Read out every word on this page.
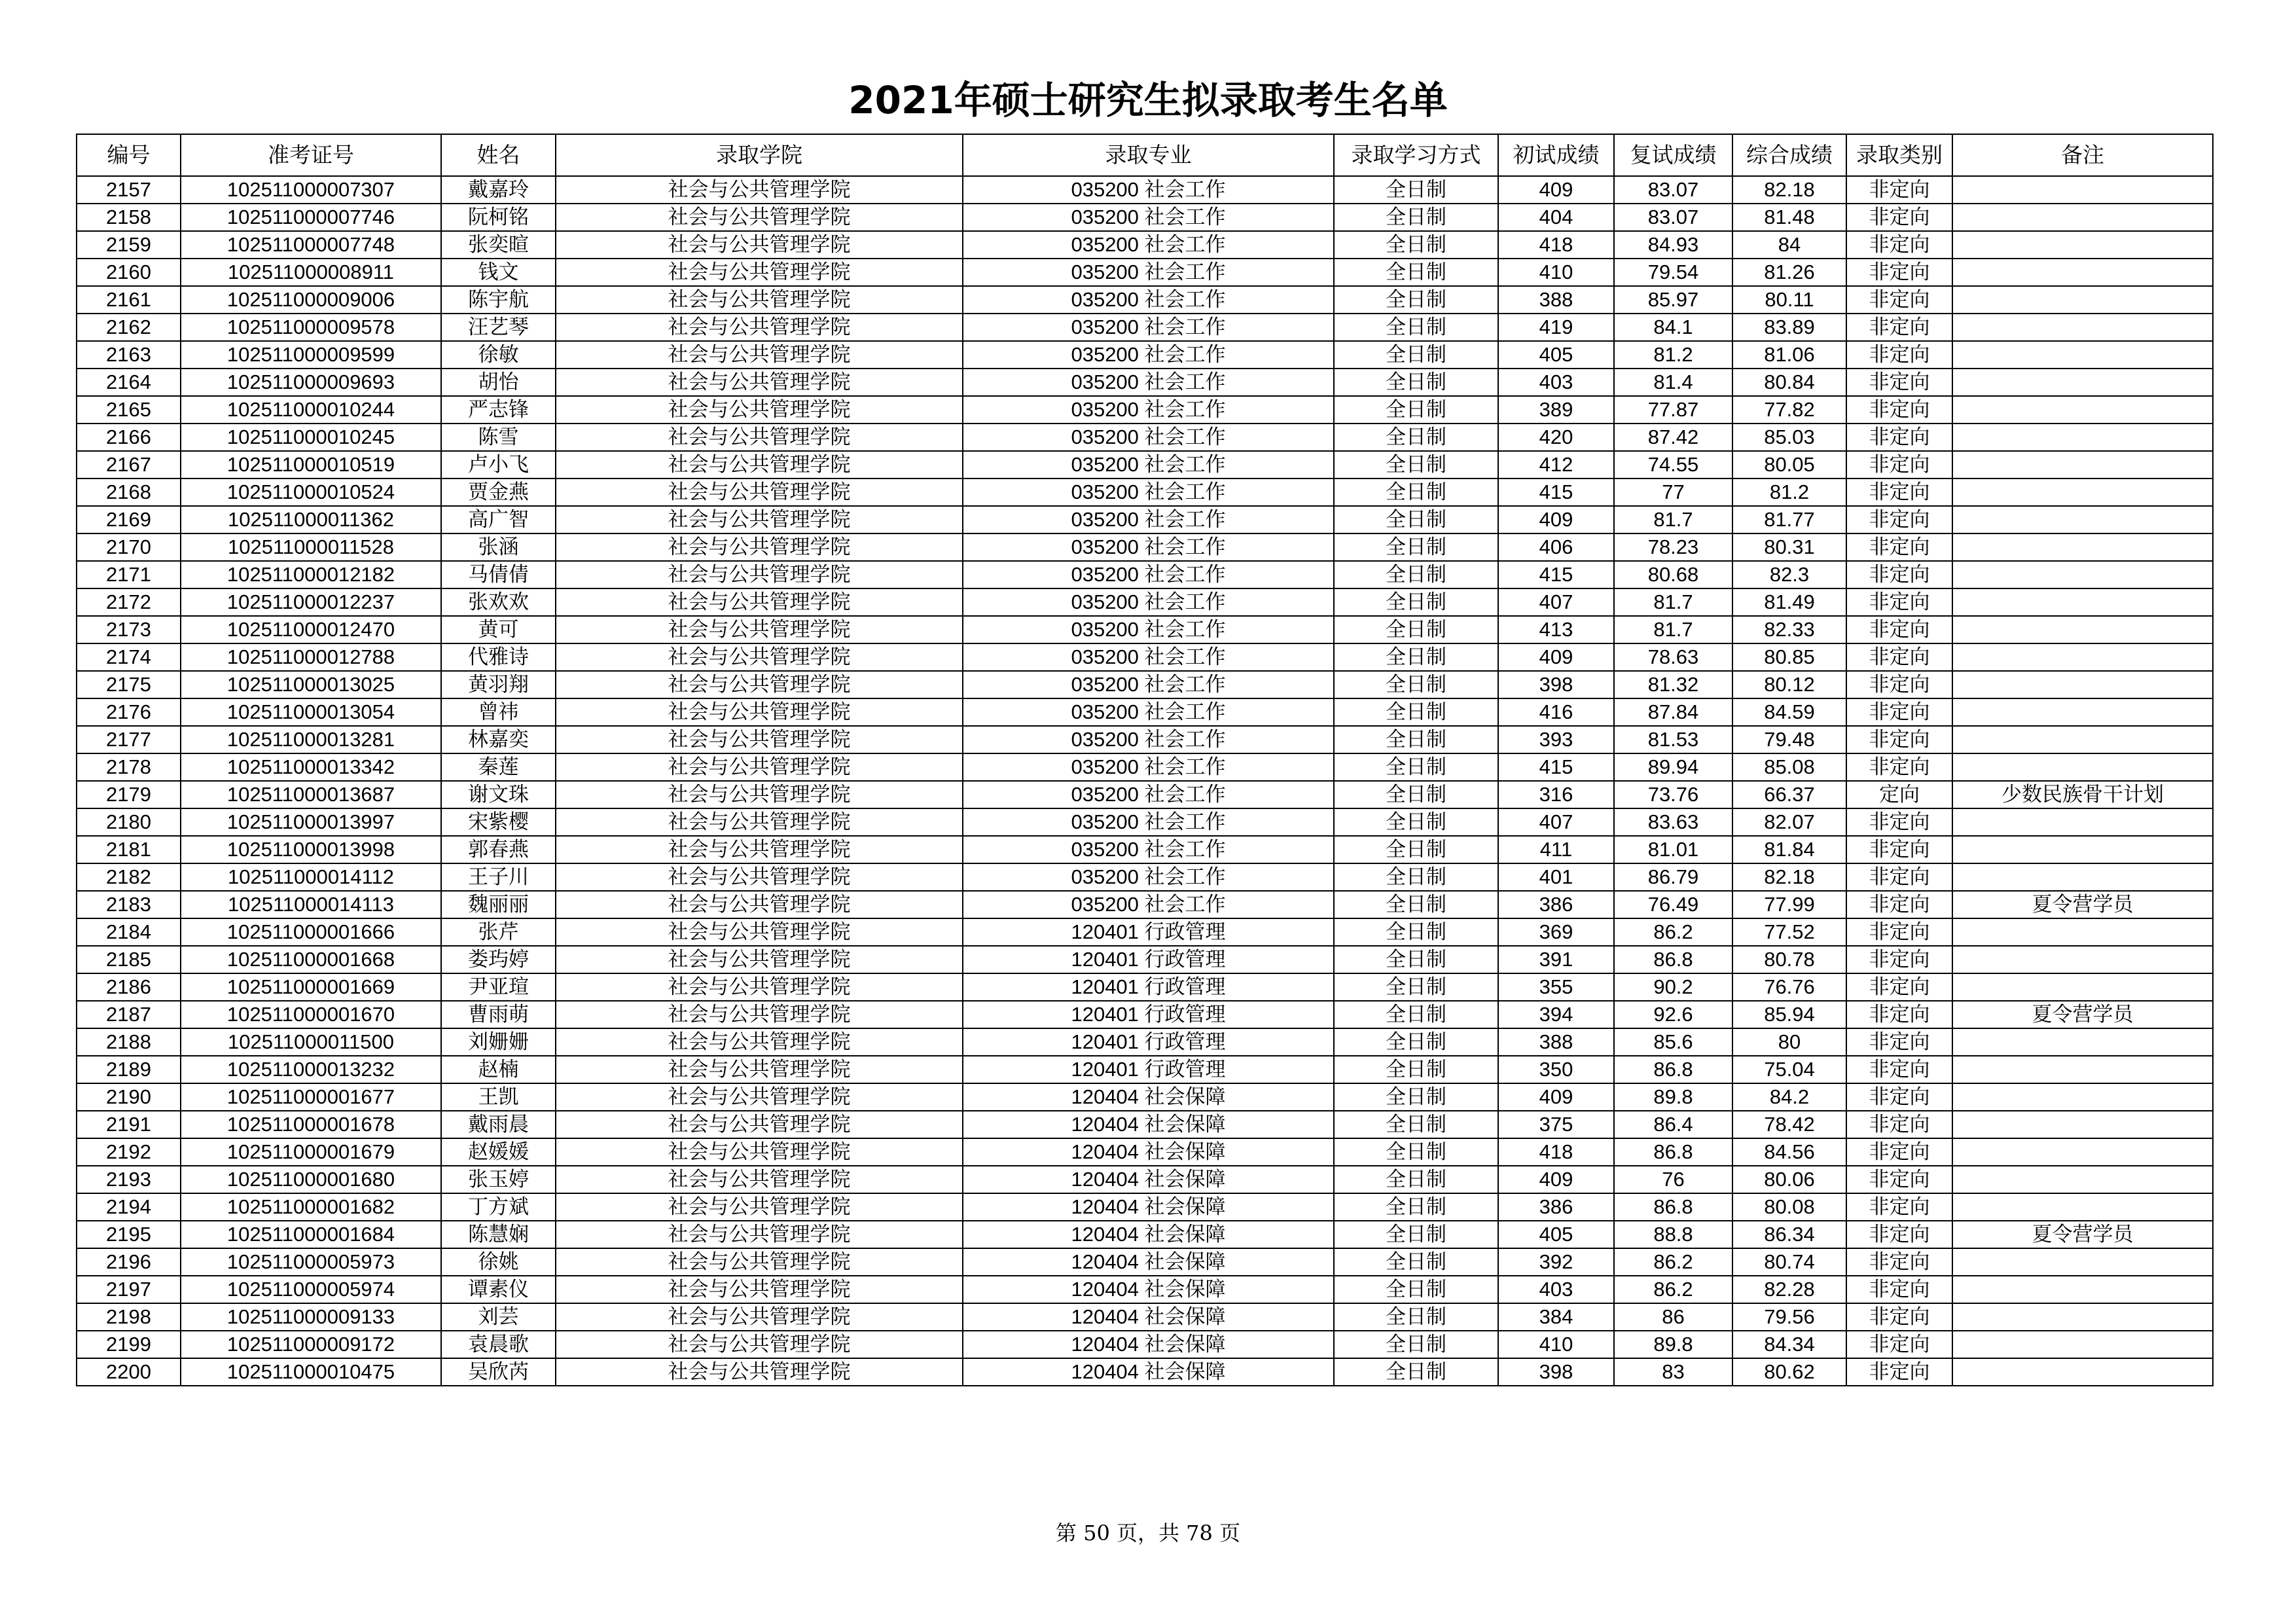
2021年硕士研究生拟录取考生名单
编号	准考证号	姓名	录取学院	录取专业	录取学习方式	初试成绩	复试成绩	综合成绩	录取类别	备注
2157	102511000007307	戴嘉玲	社会与公共管理学院	035200 社会工作	全日制	409	83.07	82.18	非定向	
2158	102511000007746	阮柯铭	社会与公共管理学院	035200 社会工作	全日制	404	83.07	81.48	非定向	
2159	102511000007748	张奕暄	社会与公共管理学院	035200 社会工作	全日制	418	84.93	84	非定向	
2160	102511000008911	钱文	社会与公共管理学院	035200 社会工作	全日制	410	79.54	81.26	非定向	
2161	102511000009006	陈宇航	社会与公共管理学院	035200 社会工作	全日制	388	85.97	80.11	非定向	
2162	102511000009578	汪艺琴	社会与公共管理学院	035200 社会工作	全日制	419	84.1	83.89	非定向	
2163	102511000009599	徐敏	社会与公共管理学院	035200 社会工作	全日制	405	81.2	81.06	非定向	
2164	102511000009693	胡怡	社会与公共管理学院	035200 社会工作	全日制	403	81.4	80.84	非定向	
2165	102511000010244	严志锋	社会与公共管理学院	035200 社会工作	全日制	389	77.87	77.82	非定向	
2166	102511000010245	陈雪	社会与公共管理学院	035200 社会工作	全日制	420	87.42	85.03	非定向	
2167	102511000010519	卢小飞	社会与公共管理学院	035200 社会工作	全日制	412	74.55	80.05	非定向	
2168	102511000010524	贾金燕	社会与公共管理学院	035200 社会工作	全日制	415	77	81.2	非定向	
2169	102511000011362	高广智	社会与公共管理学院	035200 社会工作	全日制	409	81.7	81.77	非定向	
2170	102511000011528	张涵	社会与公共管理学院	035200 社会工作	全日制	406	78.23	80.31	非定向	
2171	102511000012182	马倩倩	社会与公共管理学院	035200 社会工作	全日制	415	80.68	82.3	非定向	
2172	102511000012237	张欢欢	社会与公共管理学院	035200 社会工作	全日制	407	81.7	81.49	非定向	
2173	102511000012470	黄可	社会与公共管理学院	035200 社会工作	全日制	413	81.7	82.33	非定向	
2174	102511000012788	代雅诗	社会与公共管理学院	035200 社会工作	全日制	409	78.63	80.85	非定向	
2175	102511000013025	黄羽翔	社会与公共管理学院	035200 社会工作	全日制	398	81.32	80.12	非定向	
2176	102511000013054	曾祎	社会与公共管理学院	035200 社会工作	全日制	416	87.84	84.59	非定向	
2177	102511000013281	林嘉奕	社会与公共管理学院	035200 社会工作	全日制	393	81.53	79.48	非定向	
2178	102511000013342	秦莲	社会与公共管理学院	035200 社会工作	全日制	415	89.94	85.08	非定向	
2179	102511000013687	谢文珠	社会与公共管理学院	035200 社会工作	全日制	316	73.76	66.37	定向	少数民族骨干计划
2180	102511000013997	宋紫樱	社会与公共管理学院	035200 社会工作	全日制	407	83.63	82.07	非定向	
2181	102511000013998	郭春燕	社会与公共管理学院	035200 社会工作	全日制	411	81.01	81.84	非定向	
2182	102511000014112	王子川	社会与公共管理学院	035200 社会工作	全日制	401	86.79	82.18	非定向	
2183	102511000014113	魏丽丽	社会与公共管理学院	035200 社会工作	全日制	386	76.49	77.99	非定向	夏令营学员
2184	102511000001666	张芹	社会与公共管理学院	120401 行政管理	全日制	369	86.2	77.52	非定向	
2185	102511000001668	娄玙婷	社会与公共管理学院	120401 行政管理	全日制	391	86.8	80.78	非定向	
2186	102511000001669	尹亚瑄	社会与公共管理学院	120401 行政管理	全日制	355	90.2	76.76	非定向	
2187	102511000001670	曹雨萌	社会与公共管理学院	120401 行政管理	全日制	394	92.6	85.94	非定向	夏令营学员
2188	102511000011500	刘姗姗	社会与公共管理学院	120401 行政管理	全日制	388	85.6	80	非定向	
2189	102511000013232	赵楠	社会与公共管理学院	120401 行政管理	全日制	350	86.8	75.04	非定向	
2190	102511000001677	王凯	社会与公共管理学院	120404 社会保障	全日制	409	89.8	84.2	非定向	
2191	102511000001678	戴雨晨	社会与公共管理学院	120404 社会保障	全日制	375	86.4	78.42	非定向	
2192	102511000001679	赵媛媛	社会与公共管理学院	120404 社会保障	全日制	418	86.8	84.56	非定向	
2193	102511000001680	张玉婷	社会与公共管理学院	120404 社会保障	全日制	409	76	80.06	非定向	
2194	102511000001682	丁方斌	社会与公共管理学院	120404 社会保障	全日制	386	86.8	80.08	非定向	
2195	102511000001684	陈慧娴	社会与公共管理学院	120404 社会保障	全日制	405	88.8	86.34	非定向	夏令营学员
2196	102511000005973	徐姚	社会与公共管理学院	120404 社会保障	全日制	392	86.2	80.74	非定向	
2197	102511000005974	谭素仪	社会与公共管理学院	120404 社会保障	全日制	403	86.2	82.28	非定向	
2198	102511000009133	刘芸	社会与公共管理学院	120404 社会保障	全日制	384	86	79.56	非定向	
2199	102511000009172	袁晨歌	社会与公共管理学院	120404 社会保障	全日制	410	89.8	84.34	非定向	
2200	102511000010475	吴欣芮	社会与公共管理学院	120404 社会保障	全日制	398	83	80.62	非定向	
第 50 页，共 78 页
